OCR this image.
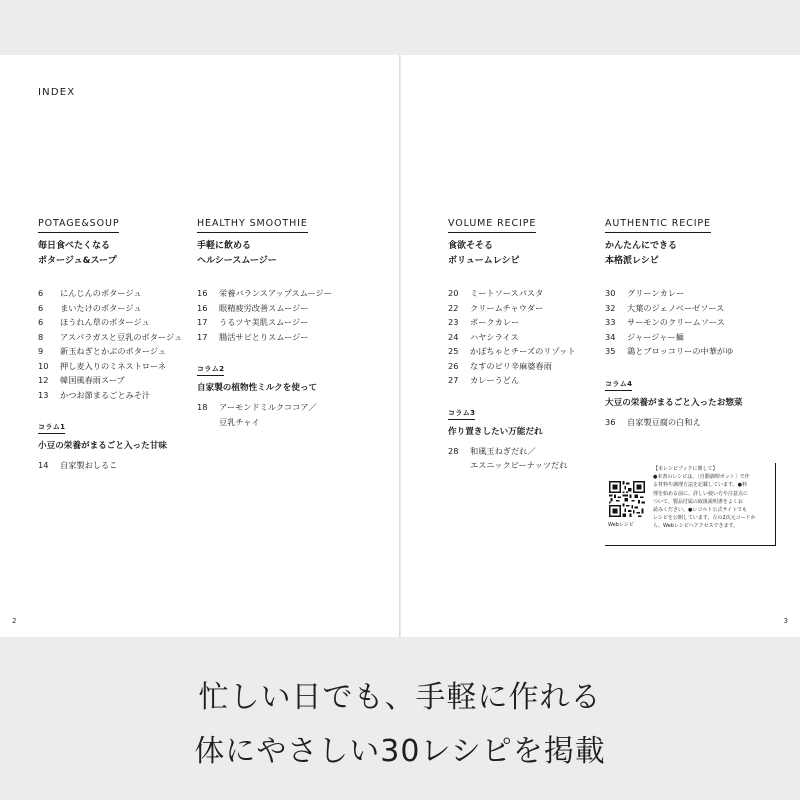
INDEX
POTAGE&SOUP
毎日食べたくなる
ポタージュ&スープ
6	にんじんのポタージュ
6	まいたけのポタージュ
6	ほうれん草のポタージュ
8	アスパラガスと豆乳のポタージュ
9	新玉ねぎとかぶのポタージュ
10	押し麦入りのミネストローネ
12	韓国風春雨スープ
13	かつお節まるごとみそ汁
コラム1
小豆の栄養がまるごと入った甘味
14	自家製おしるこ
HEALTHY SMOOTHIE
手軽に飲める
ヘルシースムージー
16	栄養バランスアップスムージー
16	眼精疲労改善スムージー
17	うるツヤ美肌スムージー
17	腸活サビとりスムージー
コラム2
自家製の植物性ミルクを使って
18	アーモンドミルクココア／
豆乳チャイ
2
VOLUME RECIPE
食欲そそる
ボリュームレシピ
20	ミートソースパスタ
22	クリームチャウダー
23	ポークカレー
24	ハヤシライス
25	かぼちゃとチーズのリゾット
26	なすのピリ辛麻婆春雨
27	カレーうどん
コラム3
作り置きしたい万能だれ
28	和風玉ねぎだれ／
エスニックピーナッツだれ
AUTHENTIC RECIPE
かんたんにできる
本格派レシピ
30	グリーンカレー
32	大葉のジェノベーゼソース
33	サーモンのクリームソース
34	ジャージャー麺
35	鶏とブロッコリーの中華がゆ
コラム4
大豆の栄養がまるごと入ったお惣菜
36	自家製豆腐の白和え
Webレシピ
【本レシピブックに関して】
●本書のレシピは、［自動調理ポット］で作
る材料や調理方法を記載しています。●料
理を始める前に、詳しい使い方や注意点に
ついて、製品付属の取扱説明書をよくお
読みください。●レコルト公式サイトでも
レシピを公開しています。左の2次元コードか
ら、Webレシピへアクセスできます。
3
忙しい日でも、手軽に作れる
体にやさしい30レシピを掲載
